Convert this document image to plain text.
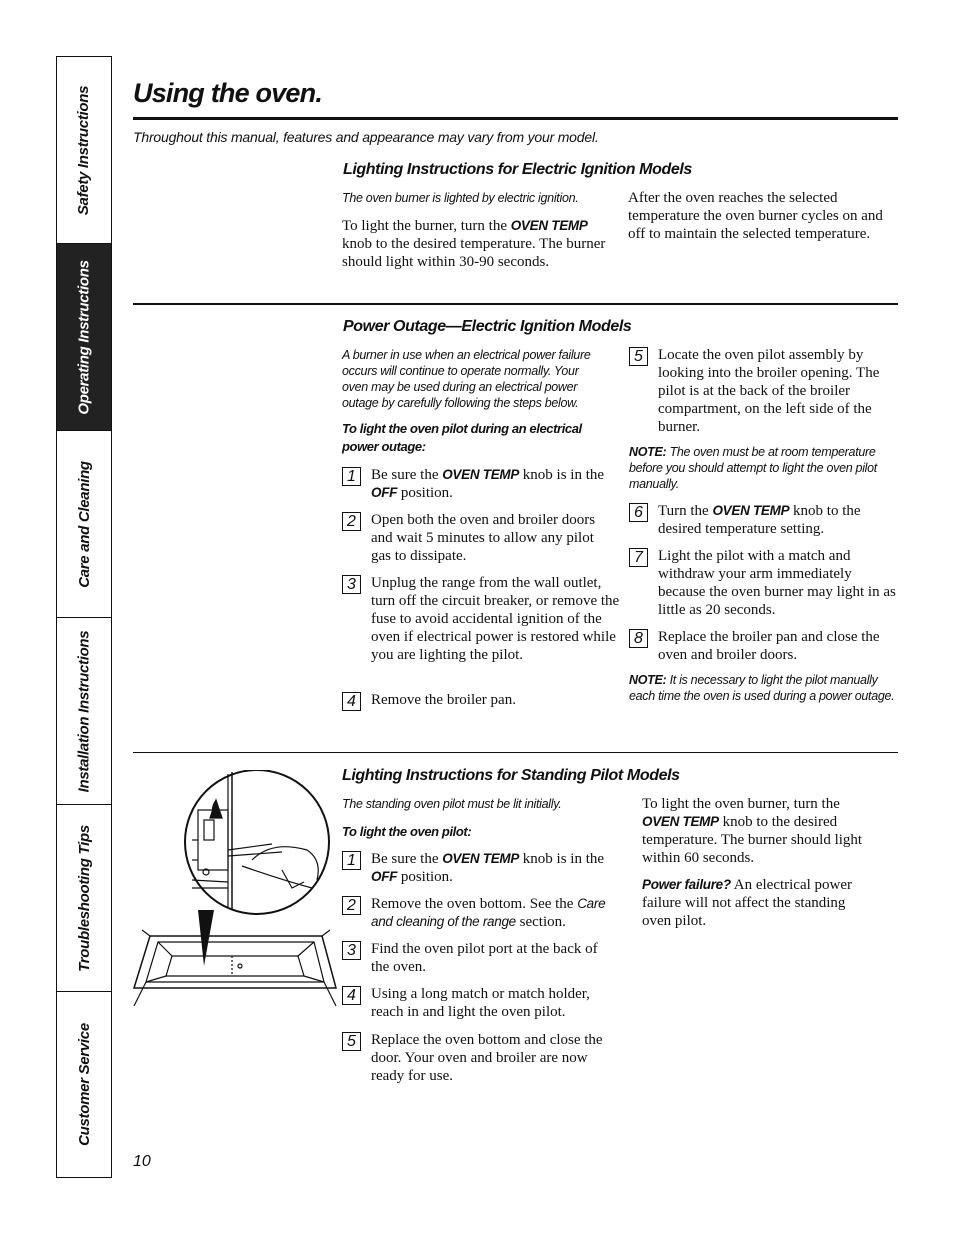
Safety Instructions
Operating Instructions
Care and Cleaning
Installation Instructions
Troubleshooting Tips
Customer Service
Using the oven.
Throughout this manual, features and appearance may vary from your model.
Lighting Instructions for Electric Ignition Models
The oven burner is lighted by electric ignition.
To light the burner, turn the OVEN TEMP knob to the desired temperature. The burner should light within 30-90 seconds.
After the oven reaches the selected temperature the oven burner cycles on and off to maintain the selected temperature.
Power Outage—Electric Ignition Models
A burner in use when an electrical power failure occurs will continue to operate normally. Your oven may be used during an electrical power outage by carefully following the steps below.
To light the oven pilot during an electrical power outage:
1	Be sure the OVEN TEMP knob is in the OFF position.
2	Open both the oven and broiler doors and wait 5 minutes to allow any pilot gas to dissipate.
3	Unplug the range from the wall outlet, turn off the circuit breaker, or remove the fuse to avoid accidental ignition of the oven if electrical power is restored while you are lighting the pilot.
4	Remove the broiler pan.
5	Locate the oven pilot assembly by looking into the broiler opening. The pilot is at the back of the broiler compartment, on the left side of the burner.
NOTE: The oven must be at room temperature before you should attempt to light the oven pilot manually.
6	Turn the OVEN TEMP knob to the desired temperature setting.
7	Light the pilot with a match and withdraw your arm immediately because the oven burner may light in as little as 20 seconds.
8	Replace the broiler pan and close the oven and broiler doors.
NOTE: It is necessary to light the pilot manually each time the oven is used during a power outage.
Lighting Instructions for Standing Pilot Models
The standing oven pilot must be lit initially.
To light the oven pilot:
1	Be sure the OVEN TEMP knob is in the OFF position.
2	Remove the oven bottom. See the Care and cleaning of the range section.
3	Find the oven pilot port at the back of the oven.
4	Using a long match or match holder, reach in and light the oven pilot.
5	Replace the oven bottom and close the door. Your oven and broiler are now ready for use.
To light the oven burner, turn the OVEN TEMP knob to the desired temperature. The burner should light within 60 seconds.
Power failure? An electrical power failure will not affect the standing oven pilot.
10
